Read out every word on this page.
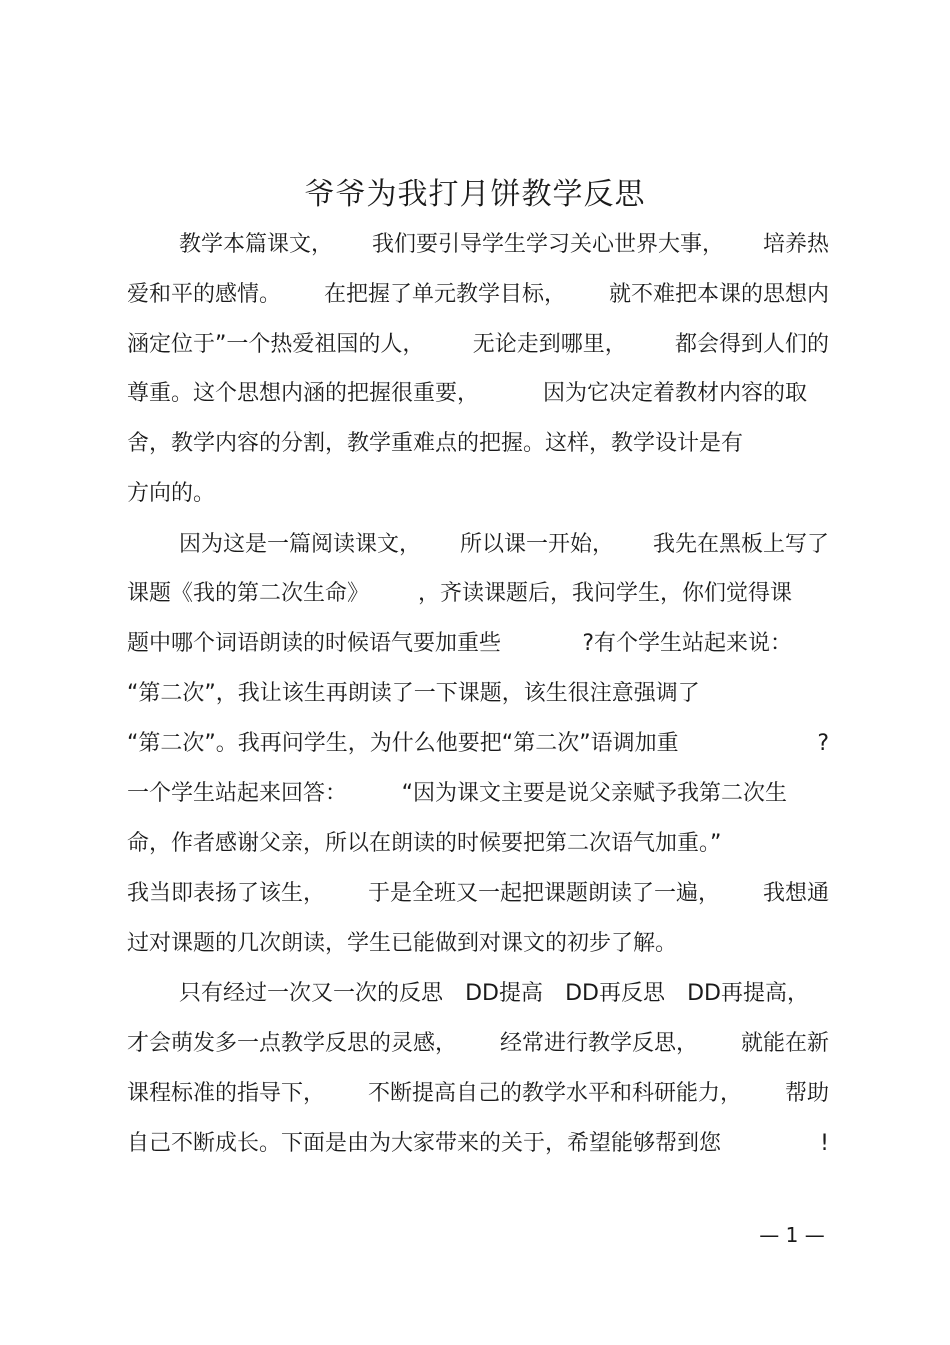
爷爷为我打月饼教学反思
教学本篇课文， 我们要引导学生学习关心世界大事， 培养热
爱和平的感情。 在把握了单元教学目标， 就不难把本课的思想内
涵定位于”一个热爱祖国的人， 无论走到哪里， 都会得到人们的
尊重。这个思想内涵的把握很重要，	因为它决定着教材内容的取
舍，教学内容的分割，教学重难点的把握。这样，教学设计是有
方向的。
因为这是一篇阅读课文， 所以课一开始， 我先在黑板上写了
课题《我的第二次生命》 ，齐读课题后，我问学生，你们觉得课
题中哪个词语朗读的时候语气要加重些	?有个学生站起来说：
“第二次”，我让该生再朗读了一下课题，该生很注意强调了
“第二次”。我再问学生，为什么他要把“第二次”语调加重	?
一个学生站起来回答： “因为课文主要是说父亲赋予我第二次生
命，作者感谢父亲，所以在朗读的时候要把第二次语气加重。”
我当即表扬了该生， 于是全班又一起把课题朗读了一遍， 我想通
过对课题的几次朗读，学生已能做到对课文的初步了解。
只有经过一次又一次的反思 DD提高 DD再反思 DD再提高，
才会萌发多一点教学反思的灵感， 经常进行教学反思， 就能在新
课程标准的指导下， 不断提高自己的教学水平和科研能力， 帮助
自己不断成长。下面是由为大家带来的关于，希望能够帮到您	!
— 1 —
